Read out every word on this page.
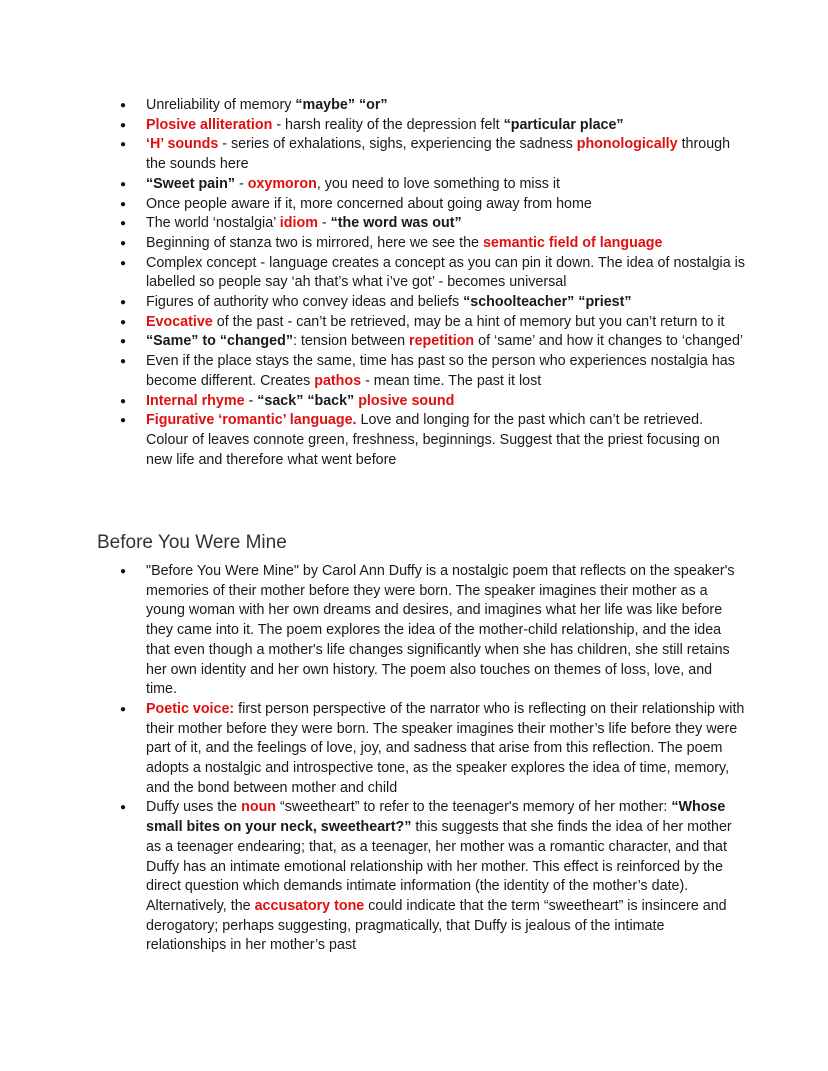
● Unreliability of memory “maybe” “or”
● Plosive alliteration - harsh reality of the depression felt “particular place”
● ‘H’ sounds - series of exhalations, sighs, experiencing the sadness phonologically through the sounds here
● “Sweet pain” - oxymoron, you need to love something to miss it
● Once people aware if it, more concerned about going away from home
● The world ‘nostalgia’ idiom - “the word was out”
● Beginning of stanza two is mirrored, here we see the semantic field of language
● Complex concept - language creates a concept as you can pin it down. The idea of nostalgia is labelled so people say ‘ah that’s what i’ve got’ - becomes universal
● Figures of authority who convey ideas and beliefs “schoolteacher” “priest”
● Evocative of the past - can’t be retrieved, may be a hint of memory but you can’t return to it
● “Same” to “changed”: tension between repetition of ‘same’ and how it changes to ‘changed’
● Even if the place stays the same, time has past so the person who experiences nostalgia has become different. Creates pathos - mean time. The past it lost
● Internal rhyme - “sack” “back” plosive sound
● Figurative ‘romantic’ language. Love and longing for the past which can’t be retrieved. Colour of leaves connote green, freshness, beginnings. Suggest that the priest focusing on new life and therefore what went before
Before You Were Mine
● "Before You Were Mine" by Carol Ann Duffy is a nostalgic poem that reflects on the speaker's memories of their mother before they were born. The speaker imagines their mother as a young woman with her own dreams and desires, and imagines what her life was like before they came into it. The poem explores the idea of the mother-child relationship, and the idea that even though a mother's life changes significantly when she has children, she still retains her own identity and her own history. The poem also touches on themes of loss, love, and time.
● Poetic voice: first person perspective of the narrator who is reflecting on their relationship with their mother before they were born. The speaker imagines their mother’s life before they were part of it, and the feelings of love, joy, and sadness that arise from this reflection. The poem adopts a nostalgic and introspective tone, as the speaker explores the idea of time, memory, and the bond between mother and child
● Duffy uses the noun “sweetheart” to refer to the teenager's memory of her mother: “Whose small bites on your neck, sweetheart?” this suggests that she finds the idea of her mother as a teenager endearing; that, as a teenager, her mother was a romantic character, and that Duffy has an intimate emotional relationship with her mother. This effect is reinforced by the direct question which demands intimate information (the identity of the mother’s date). Alternatively, the accusatory tone could indicate that the term “sweetheart” is insincere and derogatory; perhaps suggesting, pragmatically, that Duffy is jealous of the intimate relationships in her mother’s past
